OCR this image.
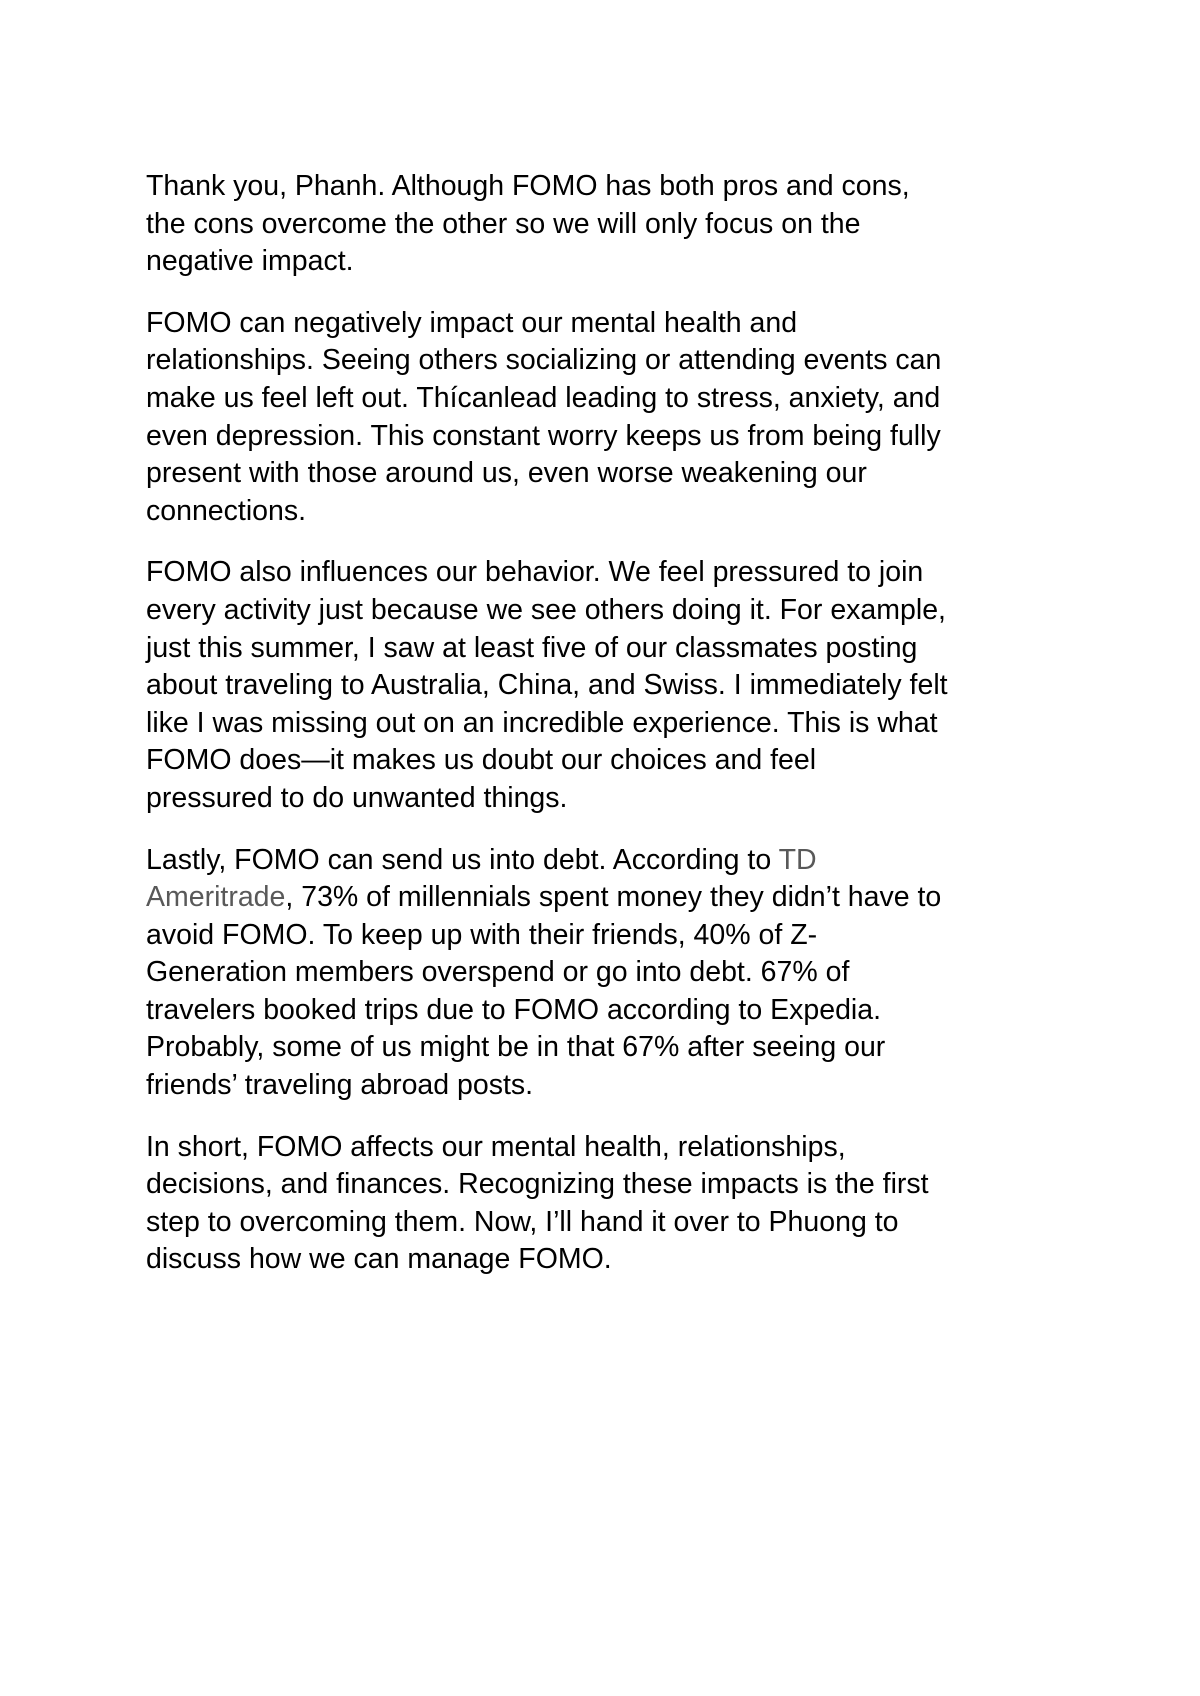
Thank you, Phanh. Although FOMO has both pros and cons,
the cons overcome the other so we will only focus on the
negative impact.

FOMO can negatively impact our mental health and
relationships. Seeing others socializing or attending events can
make us feel left out. Thícanlead leading to stress, anxiety, and
even depression. This constant worry keeps us from being fully
present with those around us, even worse weakening our
connections.

FOMO also influences our behavior. We feel pressured to join
every activity just because we see others doing it. For example,
just this summer, I saw at least five of our classmates posting
about traveling to Australia, China, and Swiss. I immediately felt
like I was missing out on an incredible experience. This is what
FOMO does—it makes us doubt our choices and feel
pressured to do unwanted things.

Lastly, FOMO can send us into debt. According to TD
Ameritrade, 73% of millennials spent money they didn’t have to
avoid FOMO. To keep up with their friends, 40% of Z-
Generation members overspend or go into debt. 67% of
travelers booked trips due to FOMO according to Expedia.
Probably, some of us might be in that 67% after seeing our
friends’ traveling abroad posts.

In short, FOMO affects our mental health, relationships,
decisions, and finances. Recognizing these impacts is the first
step to overcoming them. Now, I’ll hand it over to Phuong to
discuss how we can manage FOMO.
